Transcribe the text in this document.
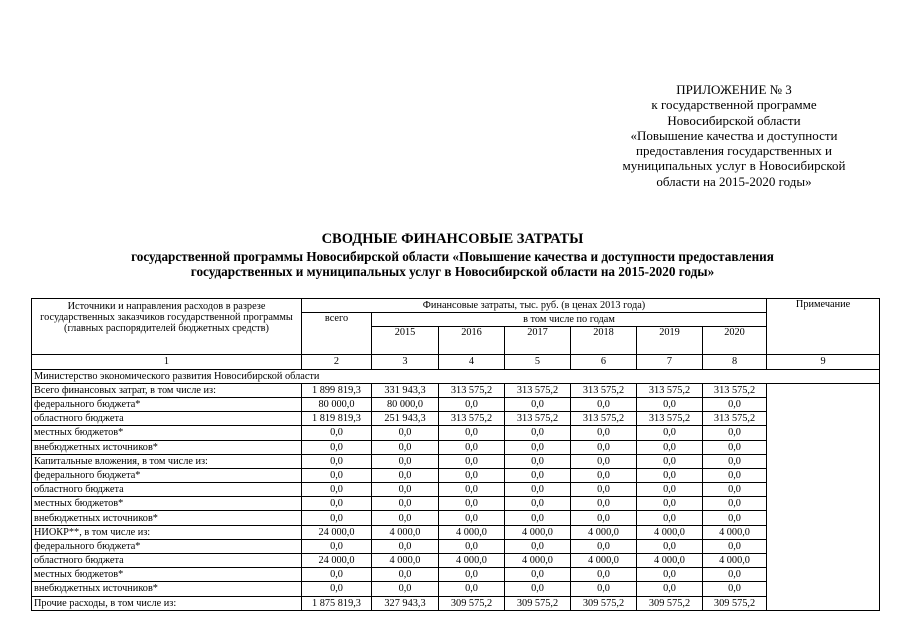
ПРИЛОЖЕНИЕ № 3
к государственной программе
Новосибирской области
«Повышение качества и доступности
предоставления государственных и
муниципальных услуг в Новосибирской
области на 2015-2020 годы»
СВОДНЫЕ ФИНАНСОВЫЕ ЗАТРАТЫ
государственной программы Новосибирской области «Повышение качества и доступности предоставления
государственных и муниципальных услуг в Новосибирской области на 2015-2020 годы»
Источники и направления расходов в разрезе государственных заказчиков государственной программы (главных распорядителей бюджетных средств)	Финансовые затраты, тыс. руб. (в ценах 2013 года)							Примечание
	всего	в том числе по годам						
		2015	2016	2017	2018	2019	2020	
1	2	3	4	5	6	7	8	9
Министерство экономического развития Новосибирской области								
Всего финансовых затрат, в том числе из:	1 899 819,3	331 943,3	313 575,2	313 575,2	313 575,2	313 575,2	313 575,2	
федерального бюджета*	80 000,0	80 000,0	0,0	0,0	0,0	0,0	0,0	
областного бюджета	1 819 819,3	251 943,3	313 575,2	313 575,2	313 575,2	313 575,2	313 575,2	
местных бюджетов*	0,0	0,0	0,0	0,0	0,0	0,0	0,0	
внебюджетных источников*	0,0	0,0	0,0	0,0	0,0	0,0	0,0	
Капитальные вложения, в том числе из:	0,0	0,0	0,0	0,0	0,0	0,0	0,0	
федерального бюджета*	0,0	0,0	0,0	0,0	0,0	0,0	0,0	
областного бюджета	0,0	0,0	0,0	0,0	0,0	0,0	0,0	
местных бюджетов*	0,0	0,0	0,0	0,0	0,0	0,0	0,0	
внебюджетных источников*	0,0	0,0	0,0	0,0	0,0	0,0	0,0	
НИОКР**, в том числе из:	24 000,0	4 000,0	4 000,0	4 000,0	4 000,0	4 000,0	4 000,0	
федерального бюджета*	0,0	0,0	0,0	0,0	0,0	0,0	0,0	
областного бюджета	24 000,0	4 000,0	4 000,0	4 000,0	4 000,0	4 000,0	4 000,0	
местных бюджетов*	0,0	0,0	0,0	0,0	0,0	0,0	0,0	
внебюджетных источников*	0,0	0,0	0,0	0,0	0,0	0,0	0,0	
Прочие расходы, в том числе из:	1 875 819,3	327 943,3	309 575,2	309 575,2	309 575,2	309 575,2	309 575,2	
